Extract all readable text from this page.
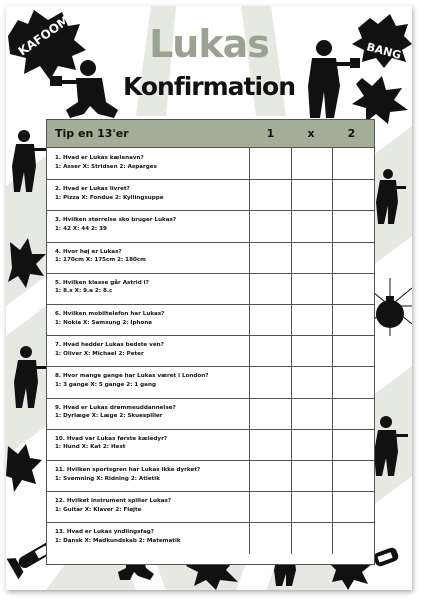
KAFOOM!	BANG
Lukas
Konfirmation
Tip en 13'er	1	x	2
1. Hvad er Lukas kælenavn?
1: Asser X: Stridsen 2: Asparges
2. Hvad er Lukas livret?
1: Pizza X: Fondue 2: Kyllingsuppe
3. Hvilken størrelse sko bruger Lukas?
1: 42 X: 44 2: 39
4. Hvor høj er Lukas?
1: 170cm X: 175cm 2: 180cm
5. Hvilken klasse går Astrid i?
1: 8.x X: 9.a 2: 8.c
6. Hvilken mobiltelefon har Lukas?
1: Nokia X: Samsung 2: Iphone
7. Hvad hedder Lukas bedste ven?
1: Oliver X: Michael 2: Peter
8. Hvor mange gange har Lukas været i London?
1: 3 gange X: 5 gange 2: 1 gang
9. Hvad er Lukas drømmeuddannelse?
1: Dyrlæge X: Læge 2: Skuespiller
10. Hvad var Lukas første kæledyr?
1: Hund X: Kat 2: Hest
11. Hvilken sportsgren har Lukas ikke dyrket?
1: Svømning X: Ridning 2: Atletik
12. Hvilket instrument spiller Lukas?
1: Guitar X: Klaver 2: Fløjte
13. Hvad er Lukas yndlingsfag?
1: Dansk X: Madkundskab 2: Matematik
